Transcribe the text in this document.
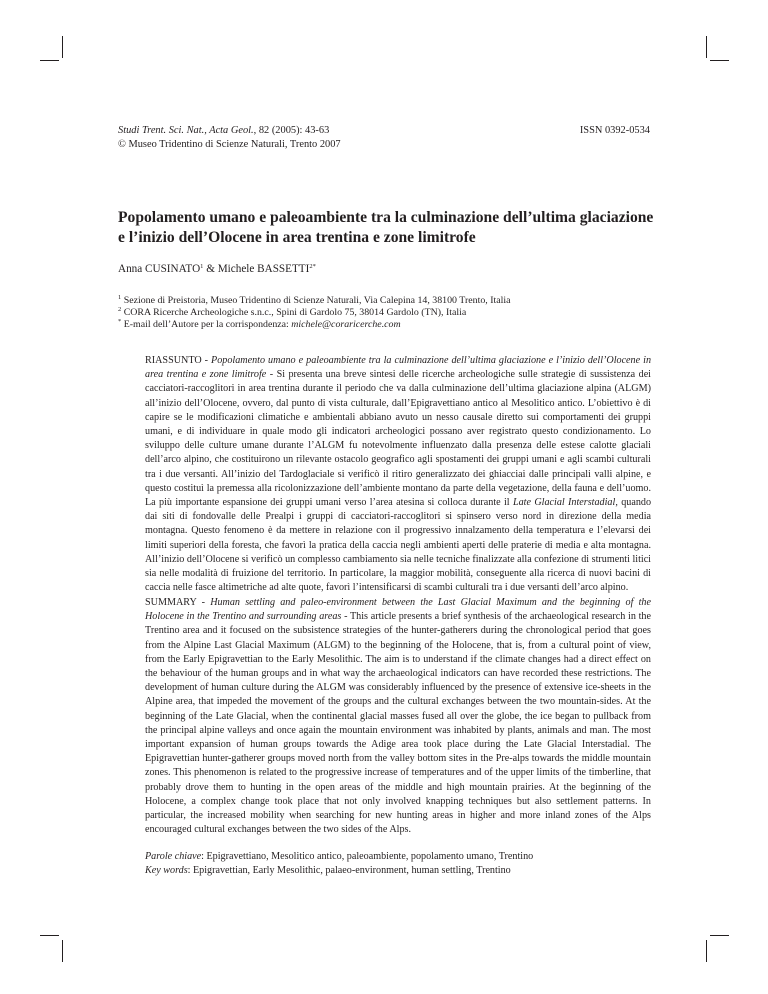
Studi Trent. Sci. Nat., Acta Geol., 82 (2005): 43-63
© Museo Tridentino di Scienze Naturali, Trento 2007
ISSN 0392-0534
Popolamento umano e paleoambiente tra la culminazione dell’ultima glaciazione e l’inizio dell’Olocene in area trentina e zone limitrofe
Anna CUSINATO$^1$ & Michele $BASSETTI^{2*}$
$^1$ Sezione di Preistoria, Museo Tridentino di Scienze Naturali, Via Calepina 14, 38100 Trento, Italia
$^2$ CORA Ricerche Archeologiche s.n.c., Spini di Gardolo 75, 38014 Gardolo (TN), Italia
* E-mail dell’Autore per la corrispondenza: michele@coraricerche.com

RIASSUNTO - Popolamento umano e paleoambiente tra la culminazione dell’ultima glaciazione e l’inizio dell’Olocene in area trentina e zone limitrofe - Si presenta una breve sintesi delle ricerche archeologiche sulle strategie di sussistenza dei cacciatori-raccoglitori in area trentina durante il periodo che va dalla culminazione dell’ultima glaciazione alpina (ALGM) all’inizio dell’Olocene, ovvero, dal punto di vista culturale, dall’Epigravettiano antico al Mesolitico antico. L’obiettivo è di capire se le modificazioni climatiche e ambientali abbiano avuto un nesso causale diretto sui comportamenti dei gruppi umani, e di individuare in quale modo gli indicatori archeologici possano aver registrato questo condizionamento. Lo sviluppo delle culture umane durante l’ALGM fu notevolmente influenzato dalla presenza delle estese calotte glaciali dell’arco alpino, che costituirono un rilevante ostacolo geografico agli spostamenti dei gruppi umani e agli scambi culturali tra i due versanti. All’inizio del Tardoglaciale si verificò il ritiro generalizzato dei ghiacciai dalle principali valli alpine, e questo costituì la premessa alla ricolonizzazione dell’ambiente montano da parte della vegetazione, della fauna e dell’uomo. La più importante espansione dei gruppi umani verso l’area atesina si colloca durante il Late Glacial Interstadial, quando dai siti di fondovalle delle Prealpi i gruppi di cacciatori-raccoglitori si spinsero verso nord in direzione della media montagna. Questo fenomeno è da mettere in relazione con il progressivo innalzamento della temperatura e l’elevarsi dei limiti superiori della foresta, che favorì la pratica della caccia negli ambienti aperti delle praterie di media e alta montagna. All’inizio dell’Olocene si verificò un complesso cambiamento sia nelle tecniche finalizzate alla confezione di strumenti litici sia nelle modalità di fruizione del territorio. In particolare, la maggior mobilità, conseguente alla ricerca di nuovi bacini di caccia nelle fasce altimetriche ad alte quote, favorì l’intensificarsi di scambi culturali tra i due versanti dell’arco alpino.

SUMMARY - Human settling and paleo-environment between the Last Glacial Maximum and the beginning of the Holocene in the Trentino and surrounding areas - This article presents a brief synthesis of the archaeological research in the Trentino area and it focused on the subsistence strategies of the hunter-gatherers during the chronological period that goes from the Alpine Last Glacial Maximum (ALGM) to the beginning of the Holocene, that is, from a cultural point of view, from the Early Epigravettian to the Early Mesolithic. The aim is to understand if the climate changes had a direct effect on the behaviour of the human groups and in what way the archaeological indicators can have recorded these restrictions. The development of human culture during the ALGM was considerably influenced by the presence of extensive ice-sheets in the Alpine area, that impeded the movement of the groups and the cultural exchanges between the two mountain-sides. At the beginning of the Late Glacial, when the continental glacial masses fused all over the globe, the ice began to pullback from the principal alpine valleys and once again the mountain environment was inhabited by plants, animals and man. The most important expansion of human groups towards the Adige area took place during the Late Glacial Interstadial. The Epigravettian hunter-gatherer groups moved north from the valley bottom sites in the Pre-alps towards the middle mountain zones. This phenomenon is related to the progressive increase of temperatures and of the upper limits of the timberline, that probably drove them to hunting in the open areas of the middle and high mountain prairies. At the beginning of the Holocene, a complex change took place that not only involved knapping techniques but also settlement patterns. In particular, the increased mobility when searching for new hunting areas in higher and more inland zones of the Alps encouraged cultural exchanges between the two sides of the Alps.

Parole chiave: Epigravettiano, Mesolitico antico, paleoambiente, popolamento umano, Trentino
Key words: Epigravettian, Early Mesolithic, palaeo-environment, human settling, Trentino
